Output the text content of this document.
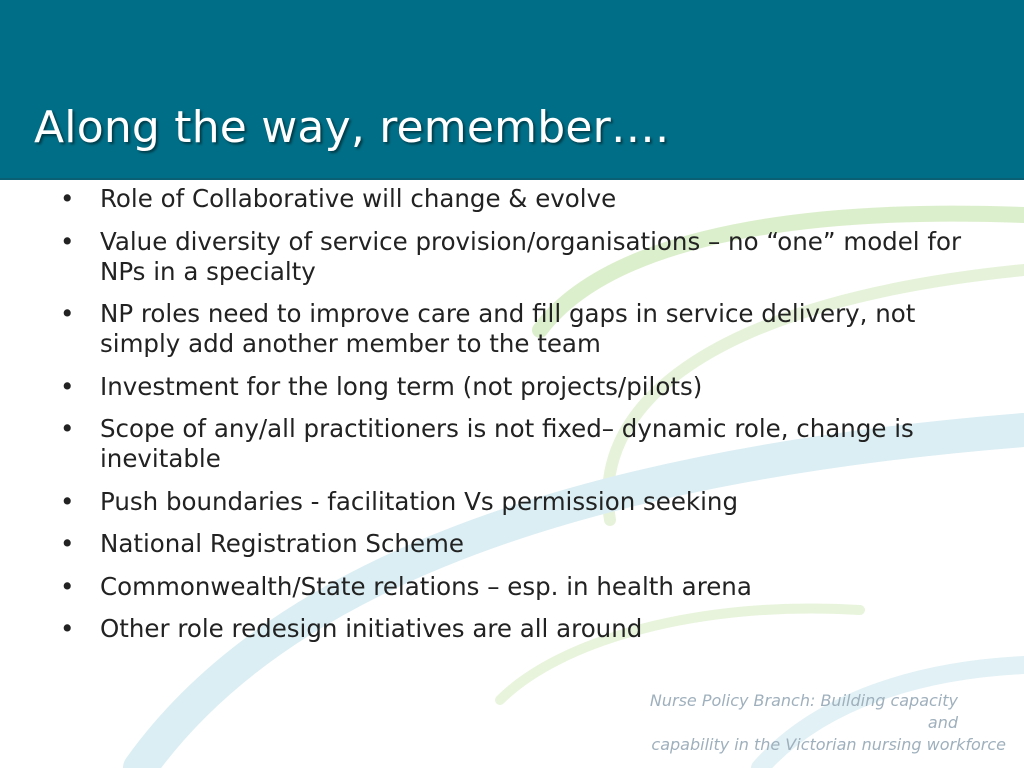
Along the way, remember….
• Role of Collaborative will change & evolve
• Value diversity of service provision/organisations – no “one” model for NPs in a specialty
• NP roles need to improve care and fill gaps in service delivery, not simply add another member to the team
• Investment for the long term (not projects/pilots)
• Scope of any/all practitioners is not fixed– dynamic role, change is inevitable
• Push boundaries - facilitation Vs permission seeking
• National Registration Scheme
• Commonwealth/State relations – esp. in health arena
• Other role redesign initiatives are all around
Nurse Policy Branch: Building capacity and
capability in the Victorian nursing workforce
